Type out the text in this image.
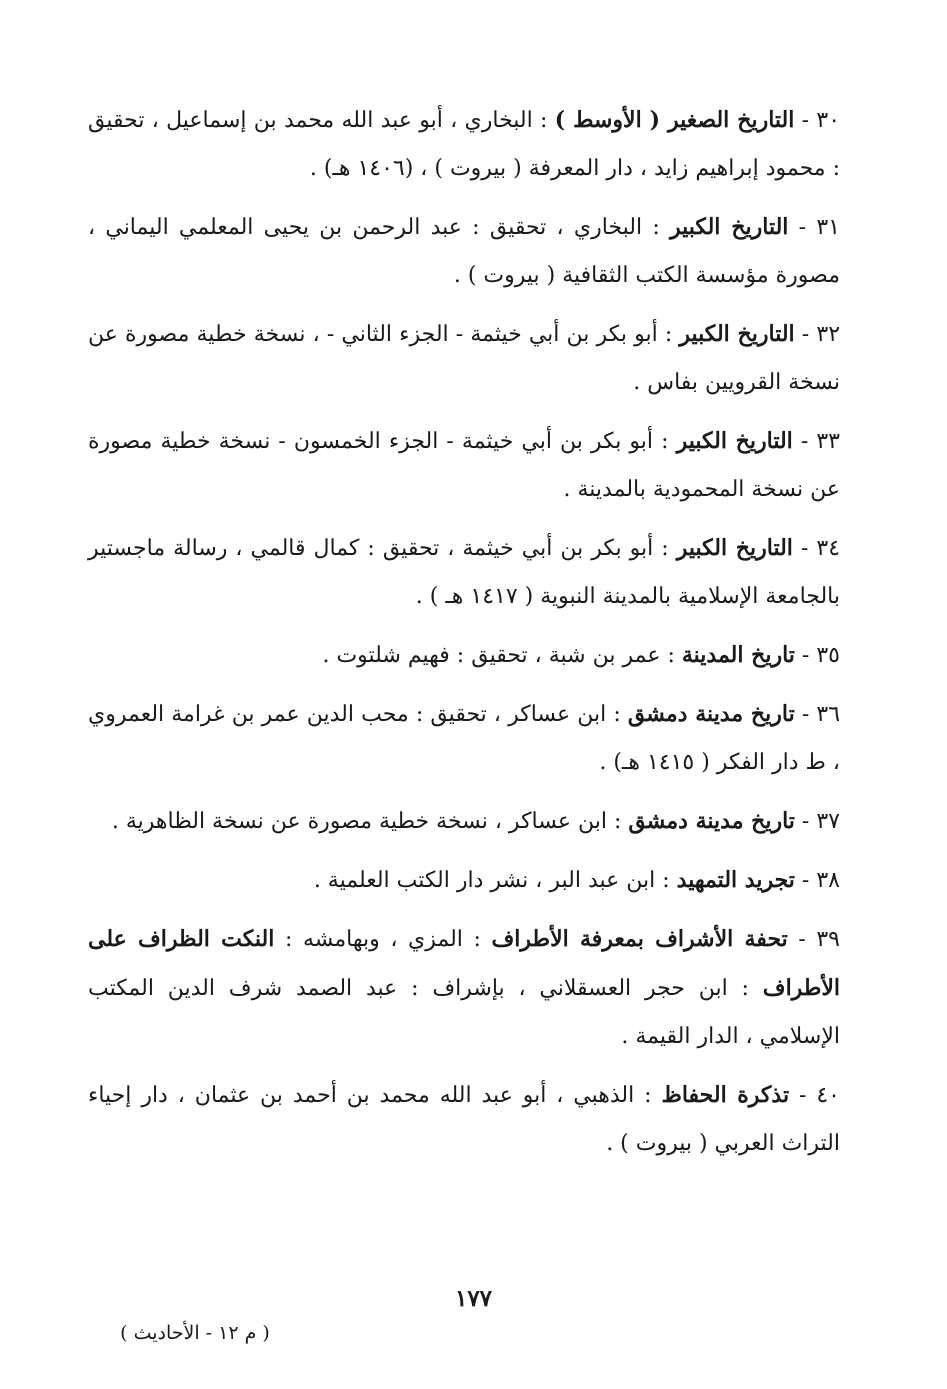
٣٠ - التاريخ الصغير ( الأوسط ) : البخاري ، أبو عبد الله محمد بن إسماعيل ، تحقيق : محمود إبراهيم زايد ، دار المعرفة ( بيروت ) ، (١٤٠٦ هـ) .

٣١ - التاريخ الكبير : البخاري ، تحقيق : عبد الرحمن بن يحيى المعلمي اليماني ، مصورة مؤسسة الكتب الثقافية ( بيروت ) .

٣٢ - التاريخ الكبير : أبو بكر بن أبي خيثمة - الجزء الثاني - ، نسخة خطية مصورة عن نسخة القرويين بفاس .

٣٣ - التاريخ الكبير : أبو بكر بن أبي خيثمة - الجزء الخمسون - نسخة خطية مصورة عن نسخة المحمودية بالمدينة .

٣٤ - التاريخ الكبير : أبو بكر بن أبي خيثمة ، تحقيق : كمال قالمي ، رسالة ماجستير بالجامعة الإسلامية بالمدينة النبوية ( ١٤١٧ هـ ) .

٣٥ - تاريخ المدينة : عمر بن شبة ، تحقيق : فهيم شلتوت .

٣٦ - تاريخ مدينة دمشق : ابن عساكر ، تحقيق : محب الدين عمر بن غرامة العمروي ، ط دار الفكر ( ١٤١٥ هـ) .

٣٧ - تاريخ مدينة دمشق : ابن عساكر ، نسخة خطية مصورة عن نسخة الظاهرية .

٣٨ - تجريد التمهيد : ابن عبد البر ، نشر دار الكتب العلمية .

٣٩ - تحفة الأشراف بمعرفة الأطراف : المزي ، وبهامشه : النكت الظراف على الأطراف : ابن حجر العسقلاني ، بإشراف : عبد الصمد شرف الدين المكتب الإسلامي ، الدار القيمة .

٤٠ - تذكرة الحفاظ : الذهبي ، أبو عبد الله محمد بن أحمد بن عثمان ، دار إحياء التراث العربي ( بيروت ) .

١٧٧
( م ١٢ - الأحاديث )
